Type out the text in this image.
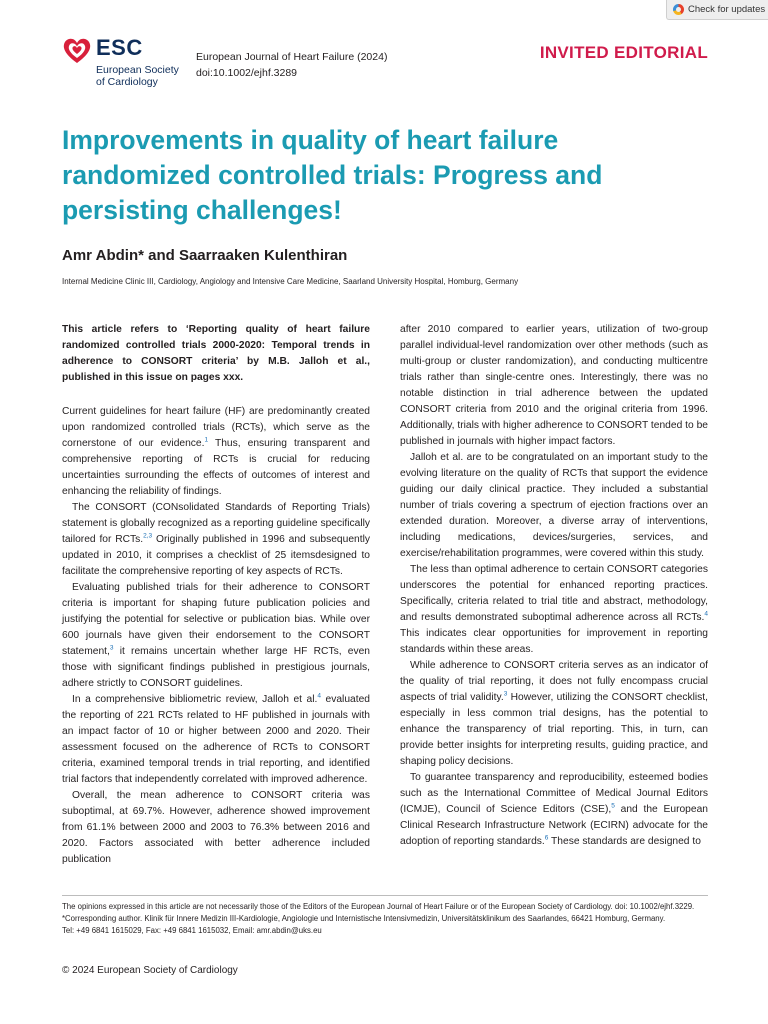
Check for updates
ESC
European Society
of Cardiology
European Journal of Heart Failure (2024)
doi:10.1002/ejhf.3289
INVITED EDITORIAL
Improvements in quality of heart failure randomized controlled trials: Progress and persisting challenges!
Amr Abdin* and Saarraaken Kulenthiran
Internal Medicine Clinic III, Cardiology, Angiology and Intensive Care Medicine, Saarland University Hospital, Homburg, Germany

This article refers to ‘Reporting quality of heart failure randomized controlled trials 2000-2020: Temporal trends in adherence to CONSORT criteria’ by M.B. Jalloh et al., published in this issue on pages xxx.

Current guidelines for heart failure (HF) are predominantly created upon randomized controlled trials (RCTs), which serve as the cornerstone of our evidence.$^1$ Thus, ensuring transparent and comprehensive reporting of RCTs is crucial for reducing uncertainties surrounding the effects of outcomes of interest and enhancing the reliability of findings.

The CONSORT (CONsolidated Standards of Reporting Trials) statement is globally recognized as a reporting guideline specifically tailored for RCTs.$^{2,3}$ Originally published in 1996 and subsequently updated in 2010, it comprises a checklist of 25 itemsdesigned to facilitate the comprehensive reporting of key aspects of RCTs.

Evaluating published trials for their adherence to CONSORT criteria is important for shaping future publication policies and justifying the potential for selective or publication bias. While over 600 journals have given their endorsement to the CONSORT statement,$^3$ it remains uncertain whether large HF RCTs, even those with significant findings published in prestigious journals, adhere strictly to CONSORT guidelines.

In a comprehensive bibliometric review, Jalloh et al.$^4$ evaluated the reporting of 221 RCTs related to HF published in journals with an impact factor of 10 or higher between 2000 and 2020. Their assessment focused on the adherence of RCTs to CONSORT criteria, examined temporal trends in trial reporting, and identified trial factors that independently correlated with improved adherence.

Overall, the mean adherence to CONSORT criteria was suboptimal, at 69.7%. However, adherence showed improvement from 61.1% between 2000 and 2003 to 76.3% between 2016 and 2020. Factors associated with better adherence included publication

after 2010 compared to earlier years, utilization of two-group parallel individual-level randomization over other methods (such as multi-group or cluster randomization), and conducting multicentre trials rather than single-centre ones. Interestingly, there was no notable distinction in trial adherence between the updated CONSORT criteria from 2010 and the original criteria from 1996. Additionally, trials with higher adherence to CONSORT tended to be published in journals with higher impact factors.

Jalloh et al. are to be congratulated on an important study to the evolving literature on the quality of RCTs that support the evidence guiding our daily clinical practice. They included a substantial number of trials covering a spectrum of ejection fractions over an extended duration. Moreover, a diverse array of interventions, including medications, devices/surgeries, services, and exercise/rehabilitation programmes, were covered within this study.

The less than optimal adherence to certain CONSORT categories underscores the potential for enhanced reporting practices. Specifically, criteria related to trial title and abstract, methodology, and results demonstrated suboptimal adherence across all RCTs.$^4$ This indicates clear opportunities for improvement in reporting standards within these areas.

While adherence to CONSORT criteria serves as an indicator of the quality of trial reporting, it does not fully encompass crucial aspects of trial validity.$^3$ However, utilizing the CONSORT checklist, especially in less common trial designs, has the potential to enhance the transparency of trial reporting. This, in turn, can provide better insights for interpreting results, guiding practice, and shaping policy decisions.

To guarantee transparency and reproducibility, esteemed bodies such as the International Committee of Medical Journal Editors (ICMJE), Council of Science Editors (CSE),$^5$ and the European Clinical Research Infrastructure Network (ECIRN) advocate for the adoption of reporting standards.$^6$ These standards are designed to

The opinions expressed in this article are not necessarily those of the Editors of the European Journal of Heart Failure or of the European Society of Cardiology. doi: 10.1002/ejhf.3229.
*Corresponding author. Klinik für Innere Medizin III-Kardiologie, Angiologie und Internistische Intensivmedizin, Universitätsklinikum des Saarlandes, 66421 Homburg, Germany.
Tel: +49 6841 1615029, Fax: +49 6841 1615032, Email: amr.abdin@uks.eu
© 2024 European Society of Cardiology
